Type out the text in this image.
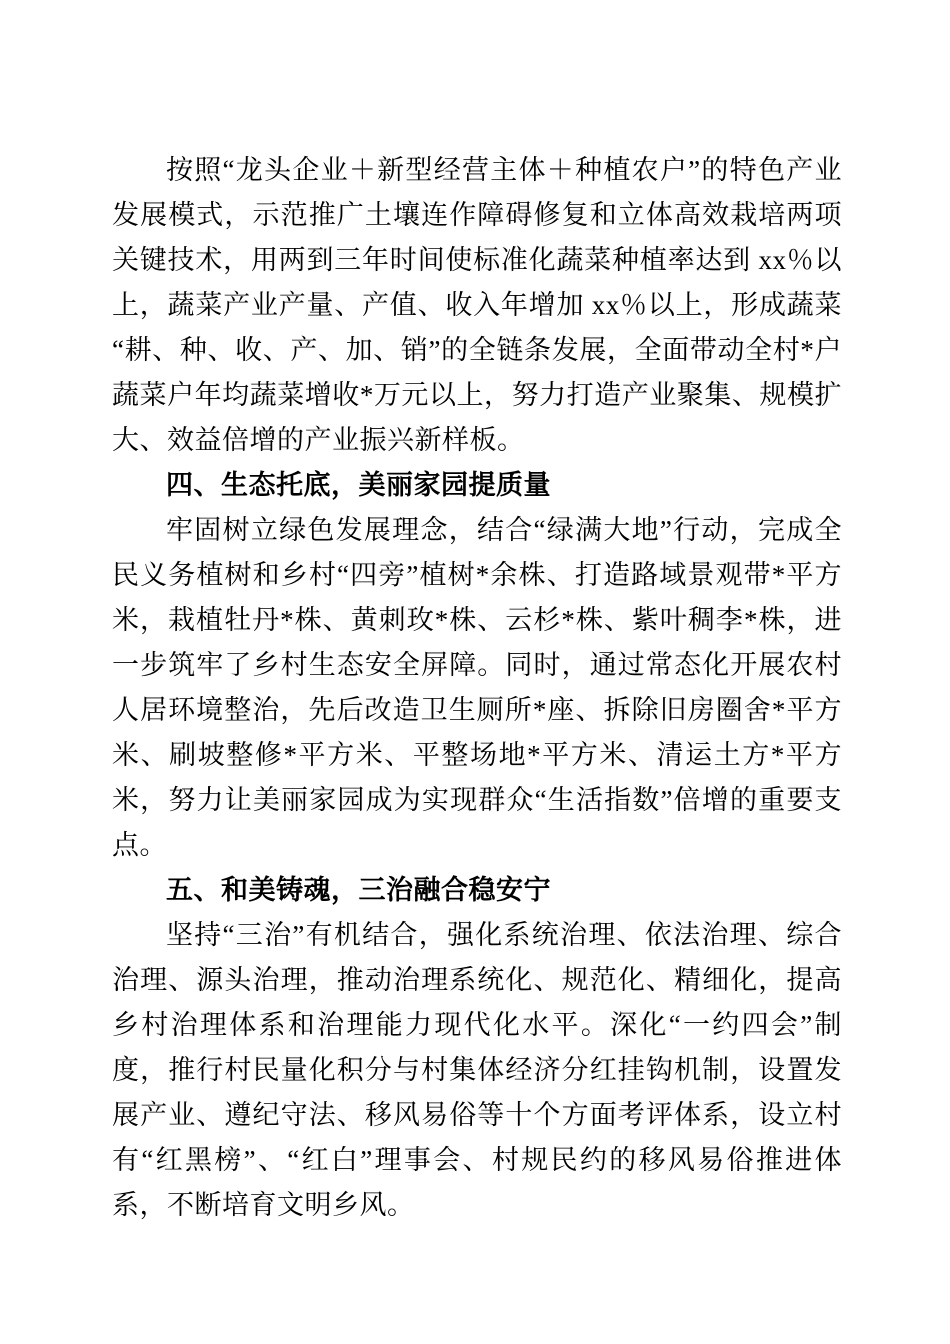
按照“龙头企业＋新型经营主体＋种植农户”的特色产业发展模式，示范推广土壤连作障碍修复和立体高效栽培两项关键技术，用两到三年时间使标准化蔬菜种植率达到 xx％以上，蔬菜产业产量、产值、收入年增加 xx％以上，形成蔬菜“耕、种、收、产、加、销”的全链条发展，全面带动全村*户蔬菜户年均蔬菜增收*万元以上，努力打造产业聚集、规模扩大、效益倍增的产业振兴新样板。

四、生态托底，美丽家园提质量

牢固树立绿色发展理念，结合“绿满大地”行动，完成全民义务植树和乡村“四旁”植树*余株、打造路域景观带*平方米，栽植牡丹*株、黄刺玫*株、云杉*株、紫叶稠李*株，进一步筑牢了乡村生态安全屏障。同时，通过常态化开展农村人居环境整治，先后改造卫生厕所*座、拆除旧房圈舍*平方米、刷坡整修*平方米、平整场地*平方米、清运土方*平方米，努力让美丽家园成为实现群众“生活指数”倍增的重要支点。

五、和美铸魂，三治融合稳安宁

坚持“三治”有机结合，强化系统治理、依法治理、综合治理、源头治理，推动治理系统化、规范化、精细化，提高乡村治理体系和治理能力现代化水平。深化“一约四会”制度，推行村民量化积分与村集体经济分红挂钩机制，设置发展产业、遵纪守法、移风易俗等十个方面考评体系，设立村有“红黑榜”、“红白”理事会、村规民约的移风易俗推进体系，不断培育文明乡风。
